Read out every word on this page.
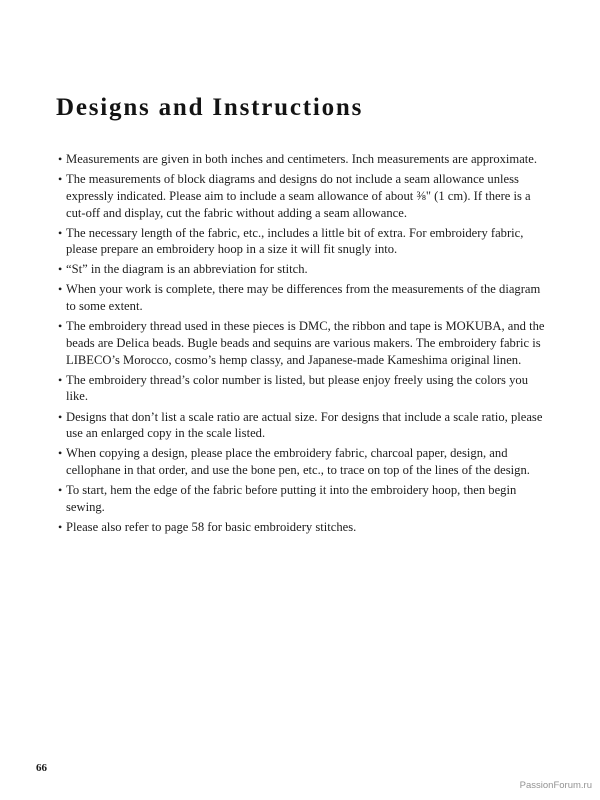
Designs and Instructions
• Measurements are given in both inches and centimeters. Inch measurements are approximate.
• The measurements of block diagrams and designs do not include a seam allowance unless expressly indicated. Please aim to include a seam allowance of about ⅜" (1 cm). If there is a cut-off and display, cut the fabric without adding a seam allowance.
• The necessary length of the fabric, etc., includes a little bit of extra. For embroidery fabric, please prepare an embroidery hoop in a size it will fit snugly into.
• “St” in the diagram is an abbreviation for stitch.
• When your work is complete, there may be differences from the measurements of the diagram to some extent.
• The embroidery thread used in these pieces is DMC, the ribbon and tape is MOKUBA, and the beads are Delica beads. Bugle beads and sequins are various makers. The embroidery fabric is LIBECO’s Morocco, cosmo’s hemp classy, and Japanese-made Kameshima original linen.
• The embroidery thread’s color number is listed, but please enjoy freely using the colors you like.
• Designs that don’t list a scale ratio are actual size. For designs that include a scale ratio, please use an enlarged copy in the scale listed.
• When copying a design, please place the embroidery fabric, charcoal paper, design, and cellophane in that order, and use the bone pen, etc., to trace on top of the lines of the design.
• To start, hem the edge of the fabric before putting it into the embroidery hoop, then begin sewing.
• Please also refer to page 58 for basic embroidery stitches.
66
PassionForum.ru
